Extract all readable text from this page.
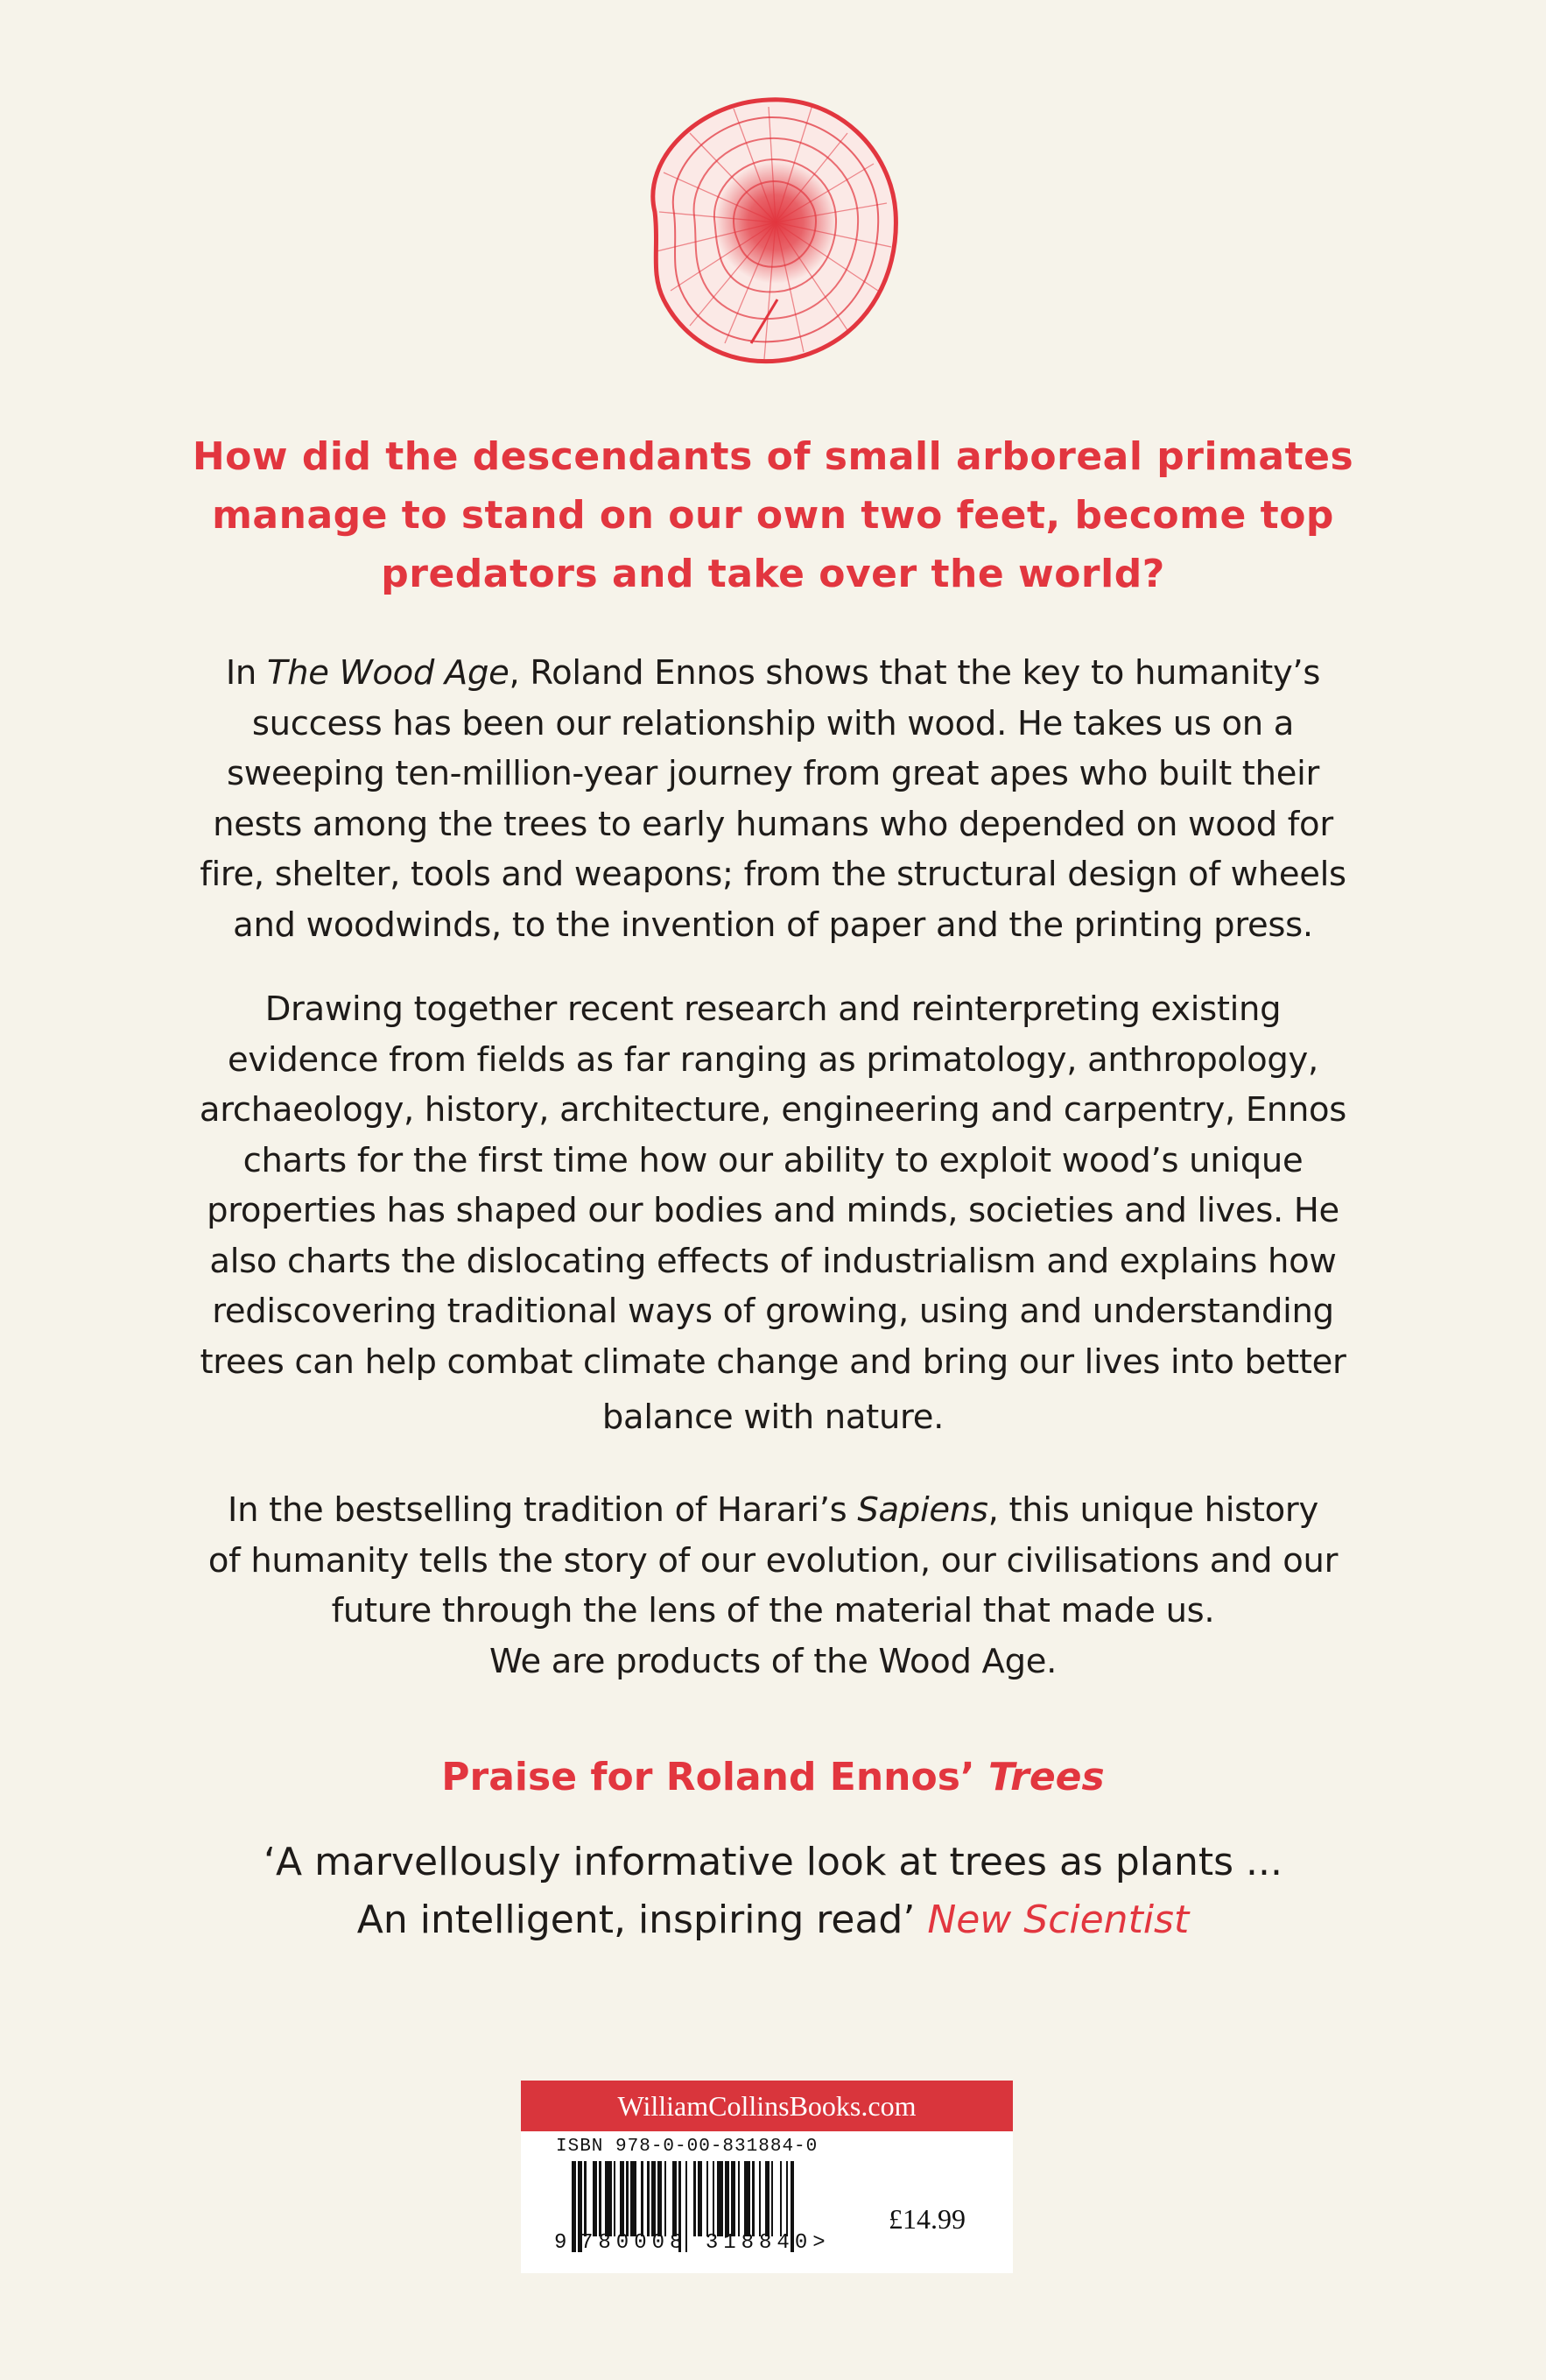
How did the descendants of small arboreal primates
manage to stand on our own two feet, become top
predators and take over the world?
In The Wood Age, Roland Ennos shows that the key to humanity’s
success has been our relationship with wood. He takes us on a
sweeping ten-million-year journey from great apes who built their
nests among the trees to early humans who depended on wood for
fire, shelter, tools and weapons; from the structural design of wheels
and woodwinds, to the invention of paper and the printing press.
Drawing together recent research and reinterpreting existing
evidence from fields as far ranging as primatology, anthropology,
archaeology, history, architecture, engineering and carpentry, Ennos
charts for the first time how our ability to exploit wood’s unique
properties has shaped our bodies and minds, societies and lives. He
also charts the dislocating effects of industrialism and explains how
rediscovering traditional ways of growing, using and understanding
trees can help combat climate change and bring our lives into better
balance with nature.
In the bestselling tradition of Harari’s Sapiens, this unique history
of humanity tells the story of our evolution, our civilisations and our
future through the lens of the material that made us.
We are products of the Wood Age.
Praise for Roland Ennos’ Trees
‘A marvellously informative look at trees as plants ...
An intelligent, inspiring read’ New Scientist
WilliamCollinsBooks.com
ISBN 978-0-00-831884-0
9 780008 318840>
£14.99
